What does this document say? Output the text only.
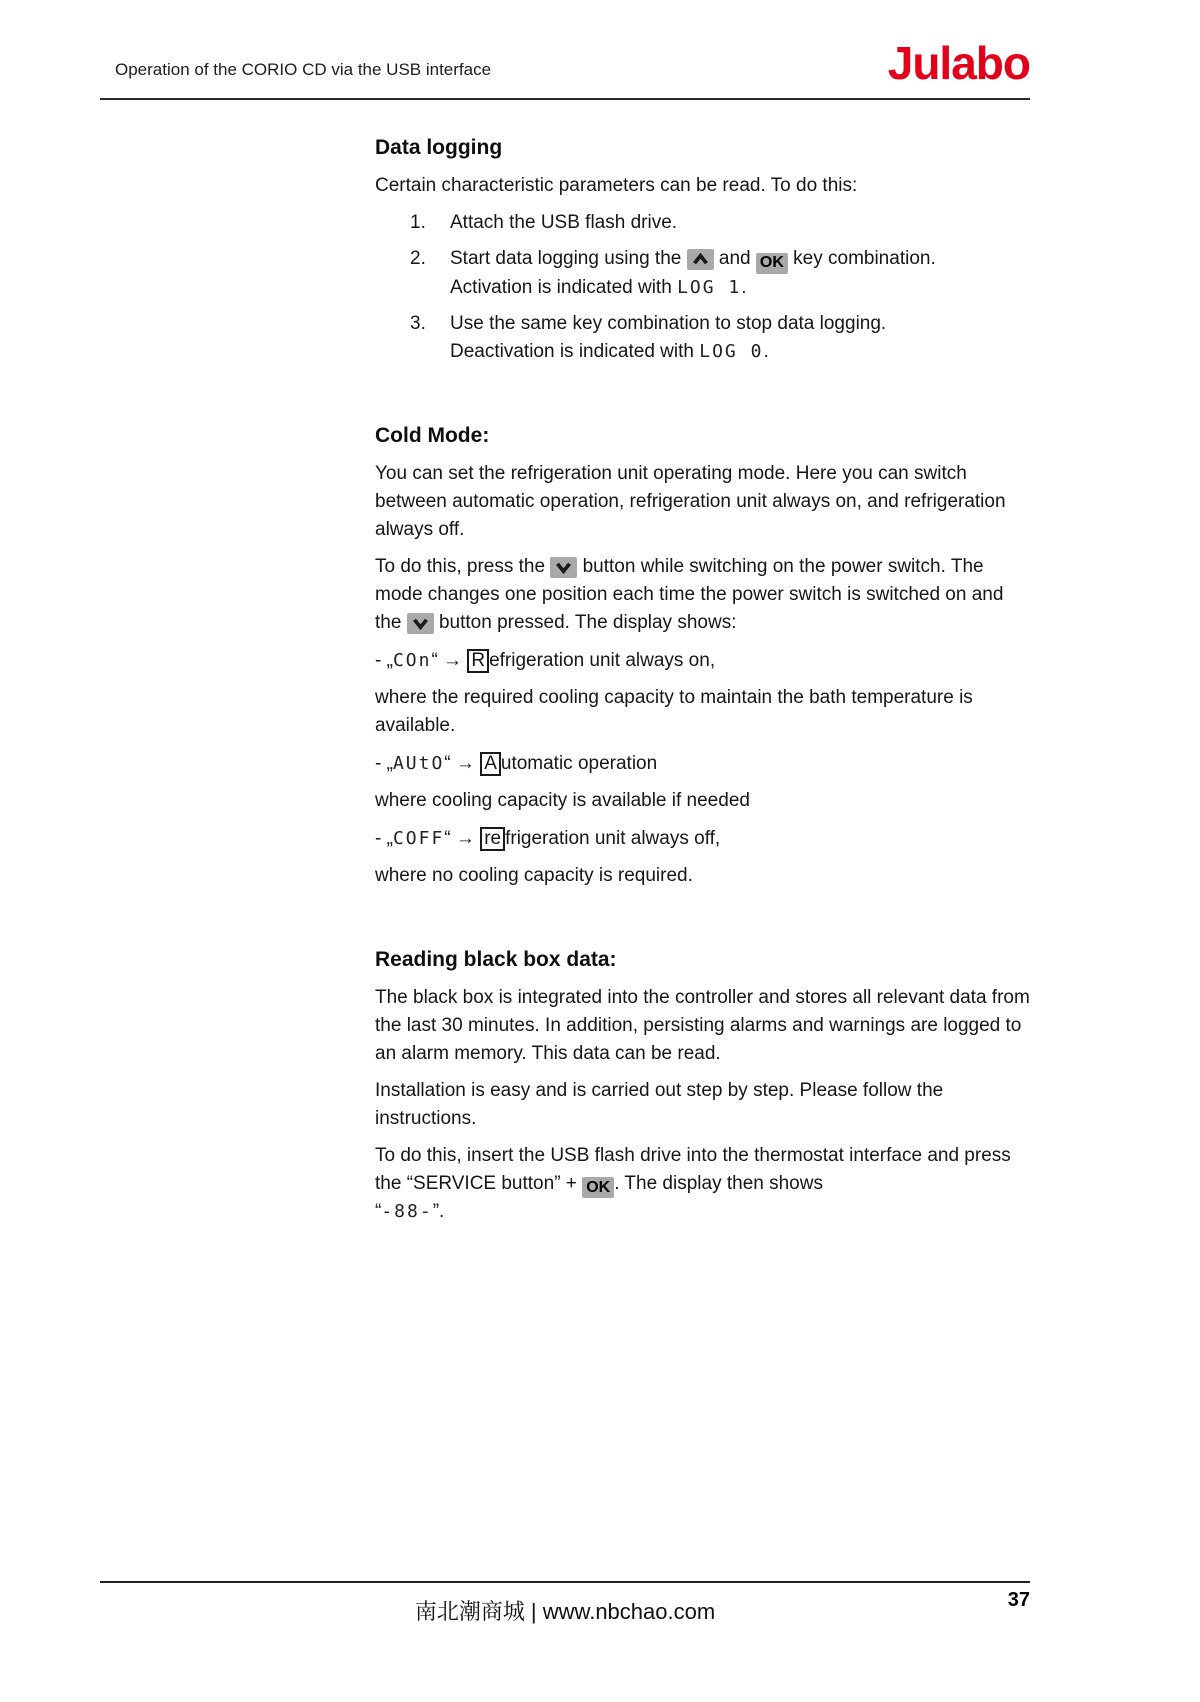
Operation of the CORIO CD via the USB interface	Julabo
Data logging

Certain characteristic parameters can be read. To do this:

1.	Attach the USB flash drive.
2.	Start data logging using the
and OK key combination.
Activation is indicated with LOG 1.
3.	Use the same key combination to stop data logging.
Deactivation is indicated with LOG 0.
Cold Mode:

You can set the refrigeration unit operating mode. Here you can switch between automatic operation, refrigeration unit always on, and refrigeration always off.

To do this, press the
button while switching on the power switch. The mode changes one position each time the power switch is switched on and the
button pressed. The display shows:

- „COn“ → R efrigeration unit always on,

where the required cooling capacity to maintain the bath temperature is available.

- „AUtO“ → A utomatic operation

where cooling capacity is available if needed

- „COFF“ → re frigeration unit always off,

where no cooling capacity is required.

Reading black box data:

The black box is integrated into the controller and stores all relevant data from the last 30 minutes. In addition, persisting alarms and warnings are logged to an alarm memory. This data can be read.

Installation is easy and is carried out step by step. Please follow the instructions.

To do this, insert the USB flash drive into the thermostat interface and press the “SERVICE button” + OK . The display then shows
“-88-”.

南北潮商城 | www.nbchao.com	37
